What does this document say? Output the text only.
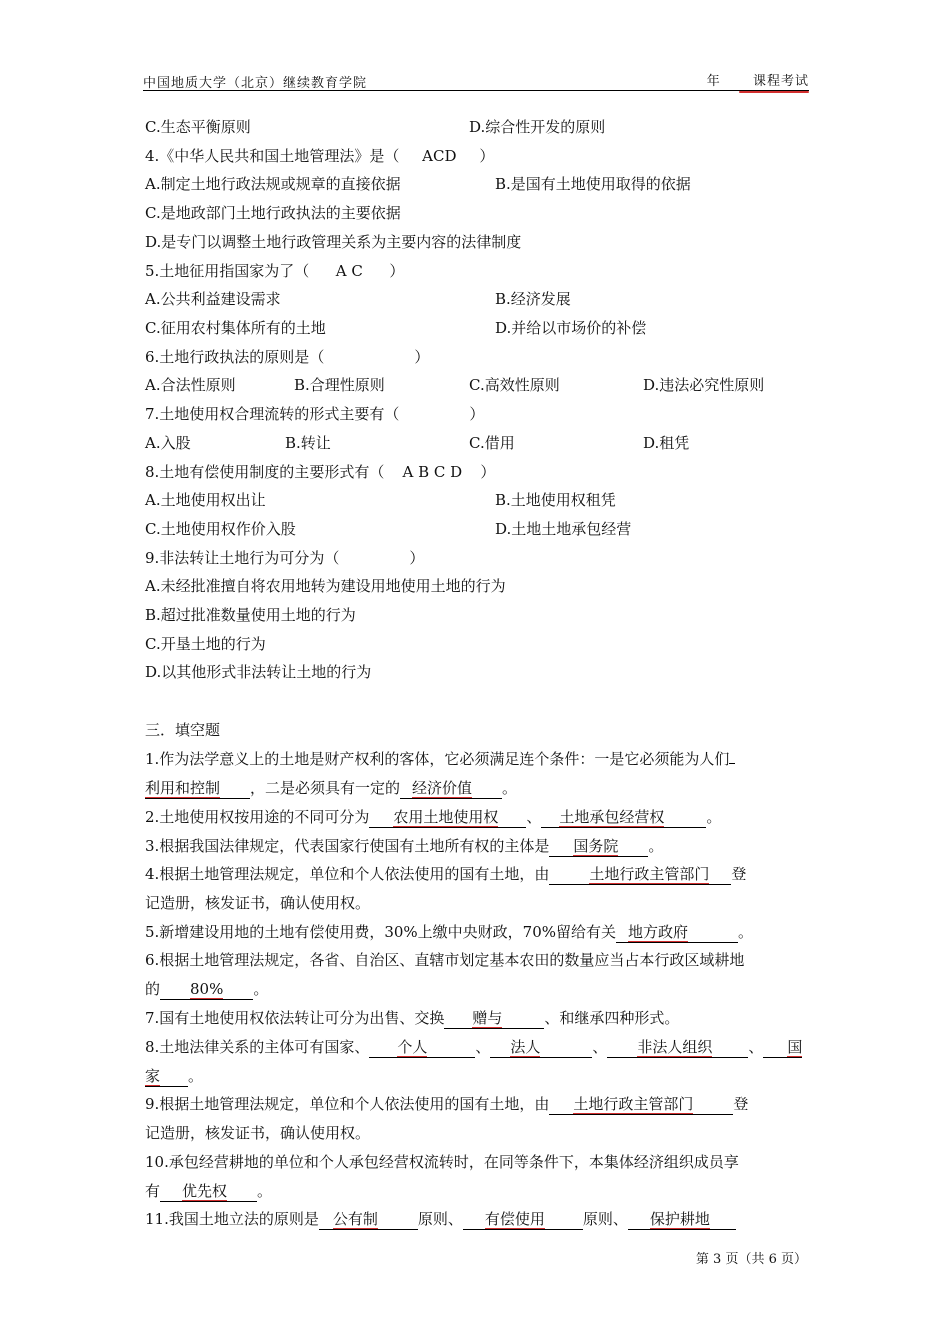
中国地质大学（北京）继续教育学院	年 课程考试
C.生态平衡原则	D.综合性开发的原则
4.《中华人民共和国土地管理法》是（ ACD ）
A.制定土地行政法规或规章的直接依据	B.是国有土地使用取得的依据
C.是地政部门土地行政执法的主要依据
D.是专门以调整土地行政管理关系为主要内容的法律制度
5.土地征用指国家为了（ A C ）
A.公共利益建设需求	B.经济发展
C.征用农村集体所有的土地	D.并给以市场价的补偿
6.土地行政执法的原则是（	）
A.合法性原则	B.合理性原则	C.高效性原则	D.违法必究性原则
7.土地使用权合理流转的形式主要有（	）
A.入股	B.转让	C.借用	D.租凭
8.土地有偿使用制度的主要形式有（ A B C D ）
A.土地使用权出让	B.土地使用权租凭
C.土地使用权作价入股	D.土地土地承包经营
9.非法转让土地行为可分为（	）
A.未经批准擅自将农用地转为建设用地使用土地的行为
B.超过批准数量使用土地的行为
C.开垦土地的行为
D.以其他形式非法转让土地的行为
三．填空题
1.作为法学意义上的土地是财产权利的客体，它必须满足连个条件：一是它必须能为人们
利用和控制 ，二是必须具有一定的 经济价值 。
2.土地使用权按用途的不同可分为 农用土地使用权 、 土地承包经营权	。
3.根据我国法律规定，代表国家行使国有土地所有权的主体是 国务院 。
4.根据土地管理法规定，单位和个人依法使用的国有土地，由	土地行政主管部门 登
记造册，核发证书，确认使用权。
5.新增建设用地的土地有偿使用费，30%上缴中央财政，70%留给有关 地方政府	。
6.根据土地管理法规定，各省、自治区、直辖市划定基本农田的数量应当占本行政区域耕地
的 80% 。
7.国有土地使用权依法转让可分为出售、交换 赠与	、和继承四种形式。
8.土地法律关系的主体可有国家、 个人	、 法人	、 非法人组织 、 国
家 。
9.根据土地管理法规定，单位和个人依法使用的国有土地，由 土地行政主管部门	登
记造册，核发证书，确认使用权。
10.承包经营耕地的单位和个人承包经营权流转时，在同等条件下，本集体经济组织成员享
有 优先权 。
11.我国土地立法的原则是 公有制	原则、 有偿使用	原则、 保护耕地
第 3 页（共 6 页）
